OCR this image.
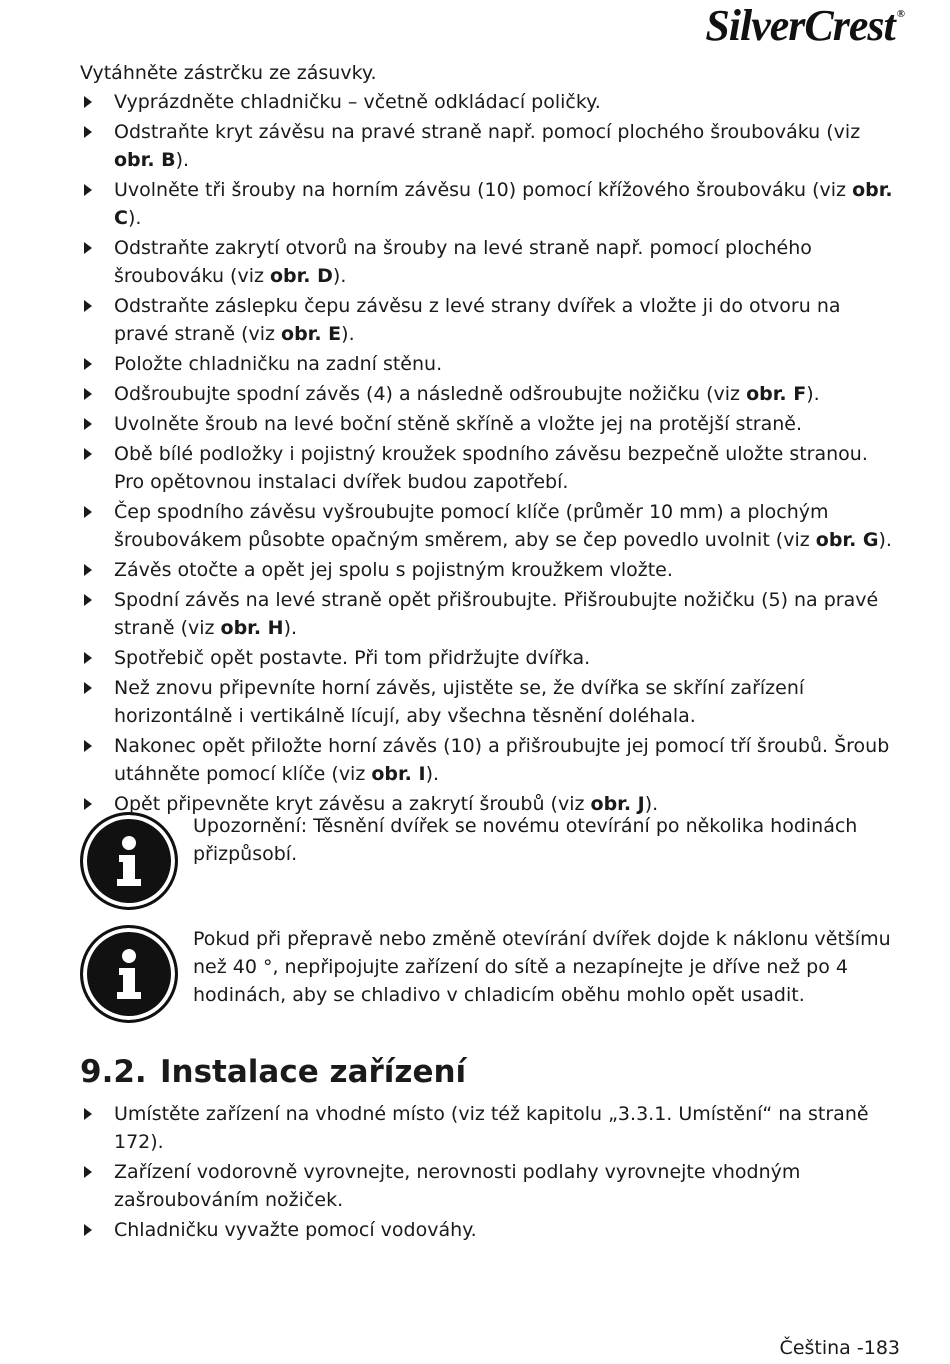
SilverCrest ®
Vytáhněte zástrčku ze zásuvky.
Vyprázdněte chladničku – včetně odkládací poličky.
Odstraňte kryt závěsu na pravé straně např. pomocí plochého šroubováku (viz obr. B).
Uvolněte tři šrouby na horním závěsu (10) pomocí křížového šroubováku (viz obr. C).
Odstraňte zakrytí otvorů na šrouby na levé straně např. pomocí plochého šroubováku (viz obr. D).
Odstraňte záslepku čepu závěsu z levé strany dvířek a vložte ji do otvoru na pravé straně (viz obr. E).
Položte chladničku na zadní stěnu.
Odšroubujte spodní závěs (4) a následně odšroubujte nožičku (viz obr. F).
Uvolněte šroub na levé boční stěně skříně a vložte jej na protější straně.
Obě bílé podložky i pojistný kroužek spodního závěsu bezpečně uložte stranou. Pro opětovnou instalaci dvířek budou zapotřebí.
Čep spodního závěsu vyšroubujte pomocí klíče (průměr 10 mm) a plochým šroubovákem působte opačným směrem, aby se čep povedlo uvolnit (viz obr. G).
Závěs otočte a opět jej spolu s pojistným kroužkem vložte.
Spodní závěs na levé straně opět přišroubujte. Přišroubujte nožičku (5) na pravé straně (viz obr. H).
Spotřebič opět postavte. Při tom přidržujte dvířka.
Než znovu připevníte horní závěs, ujistěte se, že dvířka se skříní zařízení horizontálně i vertikálně lícují, aby všechna těsnění doléhala.
Nakonec opět přiložte horní závěs (10) a přišroubujte jej pomocí tří šroubů. Šroub utáhněte pomocí klíče (viz obr. I).
Opět připevněte kryt závěsu a zakrytí šroubů (viz obr. J).
Upozornění: Těsnění dvířek se novému otevírání po několika hodinách přizpůsobí.
Pokud při přepravě nebo změně otevírání dvířek dojde k náklonu většímu než 40 °, nepřipojujte zařízení do sítě a nezapínejte je dříve než po 4 hodinách, aby se chladivo v chladicím oběhu mohlo opět usadit.
9.2. Instalace zařízení
Umístěte zařízení na vhodné místo (viz též kapitolu „3.3.1. Umístění“ na straně 172).
Zařízení vodorovně vyrovnejte, nerovnosti podlahy vyrovnejte vhodným zašroubováním nožiček.
Chladničku vyvažte pomocí vodováhy.
Čeština -183
